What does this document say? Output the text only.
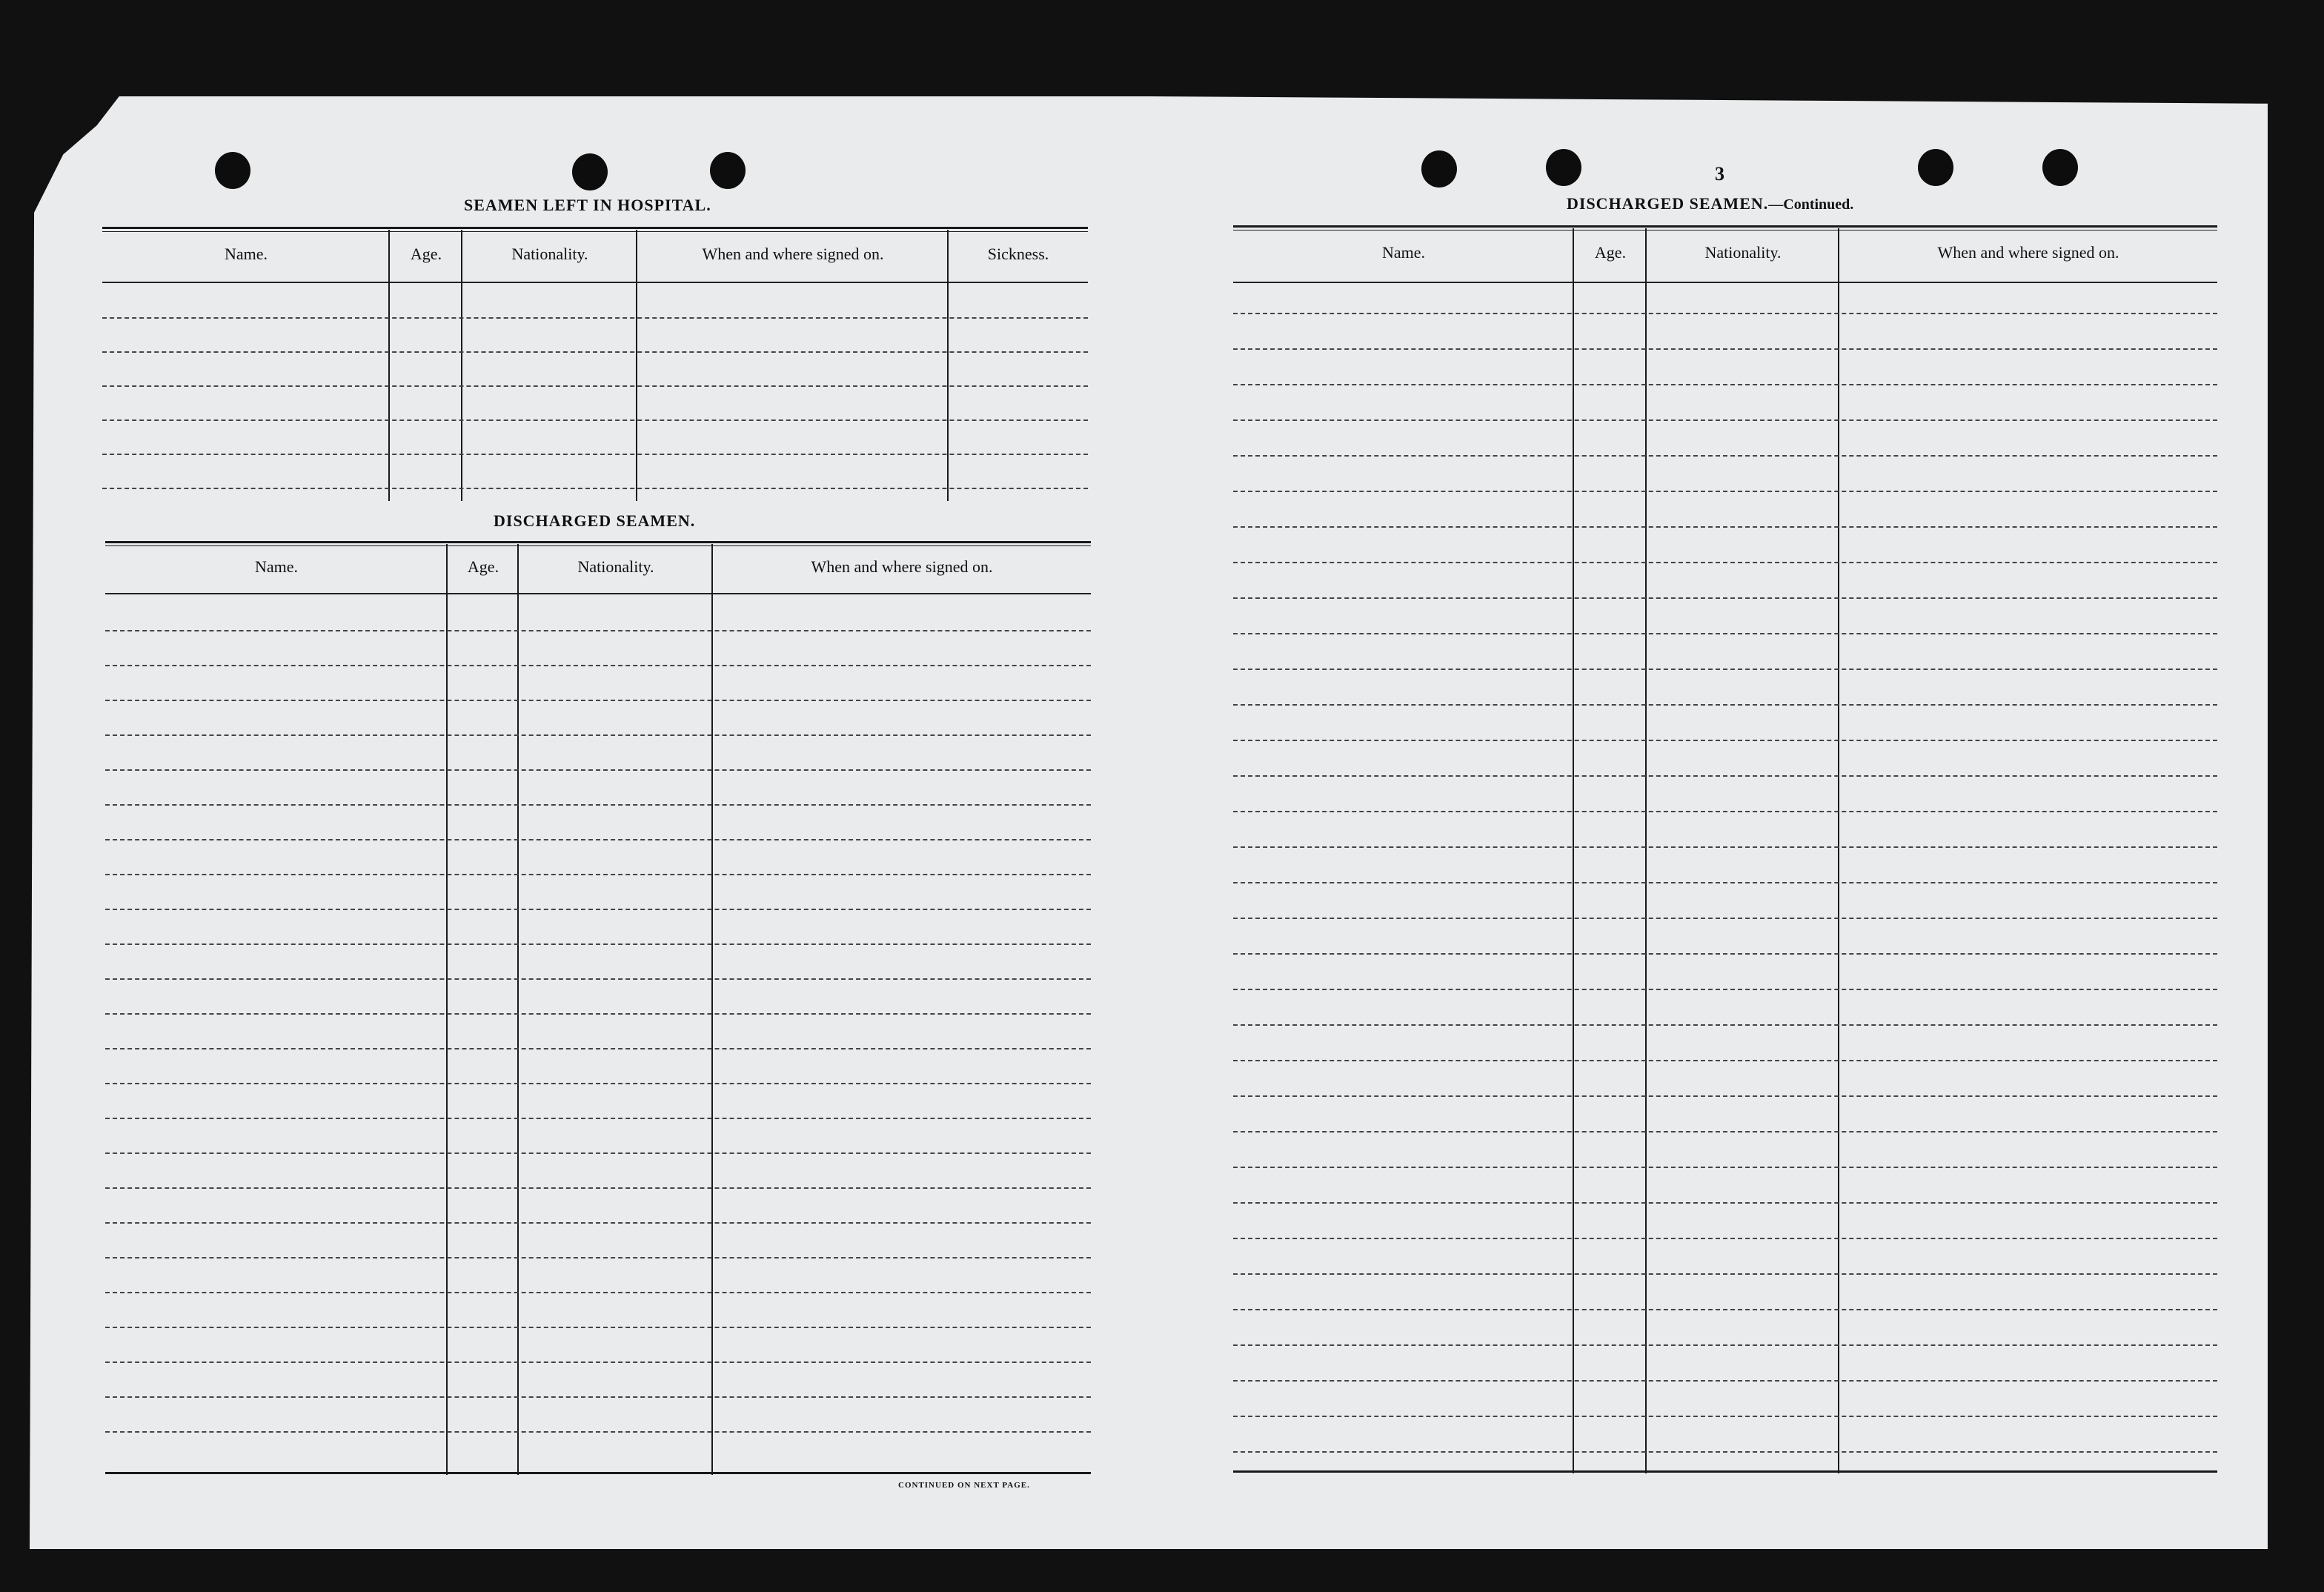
SEAMEN LEFT IN HOSPITAL.
Name.	Age.	Nationality.	When and where signed on.	Sickness.
DISCHARGED SEAMEN.
Name.	Age.	Nationality.	When and where signed on.
CONTINUED ON NEXT PAGE.
3
DISCHARGED SEAMEN.—Continued.
Name.	Age.	Nationality.	When and where signed on.
